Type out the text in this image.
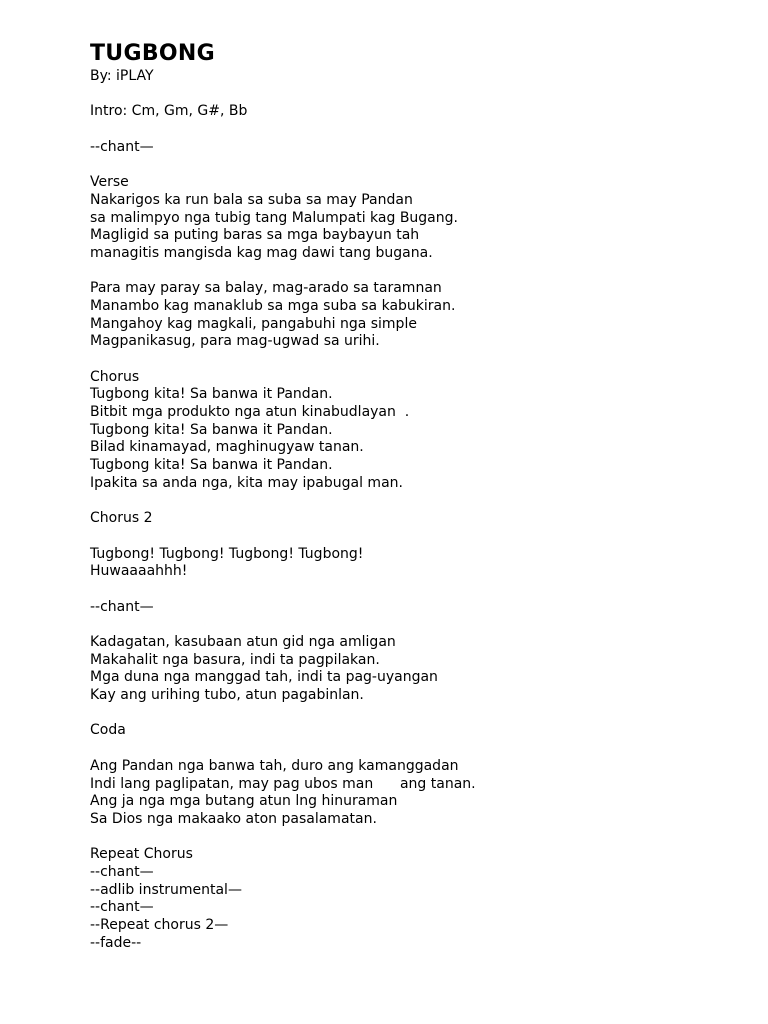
TUGBONG
By: iPLAY
Intro: Cm, Gm, G#, Bb
--chant—
Verse
Nakarigos ka run bala sa suba sa may Pandan
sa malimpyo nga tubig tang Malumpati kag Bugang.
Magligid sa puting baras sa mga baybayun tah
managitis mangisda kag mag dawi tang bugana.
Para may paray sa balay, mag-arado sa taramnan
Manambo kag manaklub sa mga suba sa kabukiran.
Mangahoy kag magkali, pangabuhi nga simple
Magpanikasug, para mag-ugwad sa urihi.
Chorus
Tugbong kita! Sa banwa it Pandan.
Bitbit mga produkto nga atun kinabudlayan  .
Tugbong kita! Sa banwa it Pandan.
Bilad kinamayad, maghinugyaw tanan.
Tugbong kita! Sa banwa it Pandan.
Ipakita sa anda nga, kita may ipabugal man.
Chorus 2
Tugbong! Tugbong! Tugbong! Tugbong!
Huwaaaahhh!
--chant—
Kadagatan, kasubaan atun gid nga amligan
Makahalit nga basura, indi ta pagpilakan.
Mga duna nga manggad tah, indi ta pag-uyangan
Kay ang urihing tubo, atun pagabinlan.
Coda
Ang Pandan nga banwa tah, duro ang kamanggadan
Indi lang paglipatan, may pag ubos man      ang tanan.
Ang ja nga mga butang atun lng hinuraman
Sa Dios nga makaako aton pasalamatan.
Repeat Chorus
--chant—
--adlib instrumental—
--chant—
--Repeat chorus 2—
--fade--
